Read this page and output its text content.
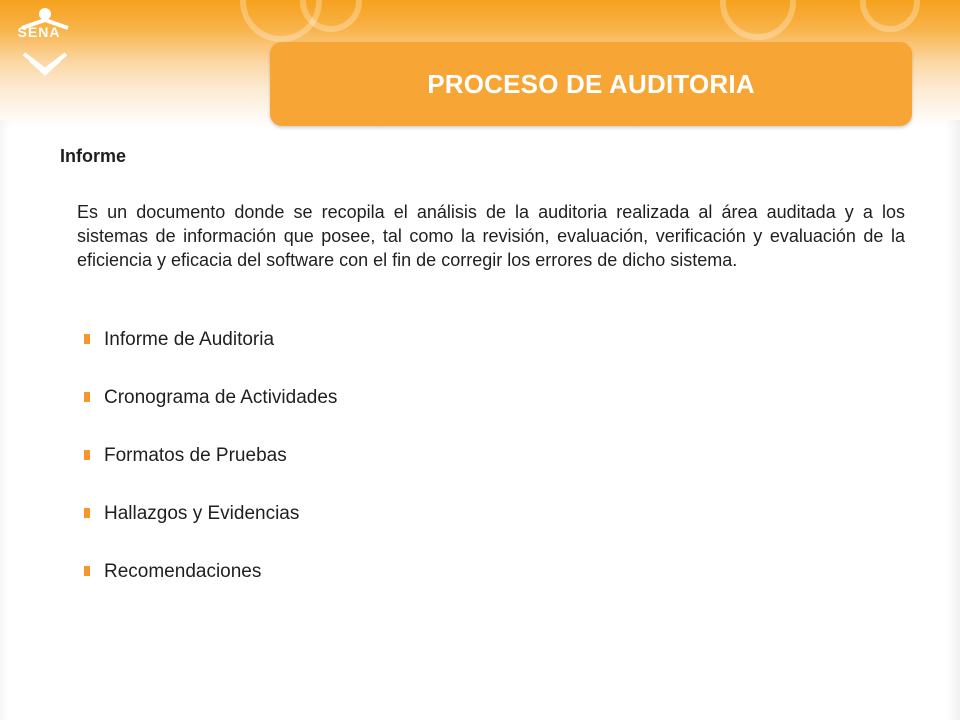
SENA
PROCESO DE AUDITORIA
Informe

Es un documento donde se recopila el análisis de la auditoria realizada al área auditada y a los sistemas de información que posee, tal como la revisión, evaluación, verificación y evaluación de la eficiencia y eficacia del software con el fin de corregir los errores de dicho sistema.

Informe de Auditoria
Cronograma de Actividades
Formatos de Pruebas
Hallazgos y Evidencias
Recomendaciones
